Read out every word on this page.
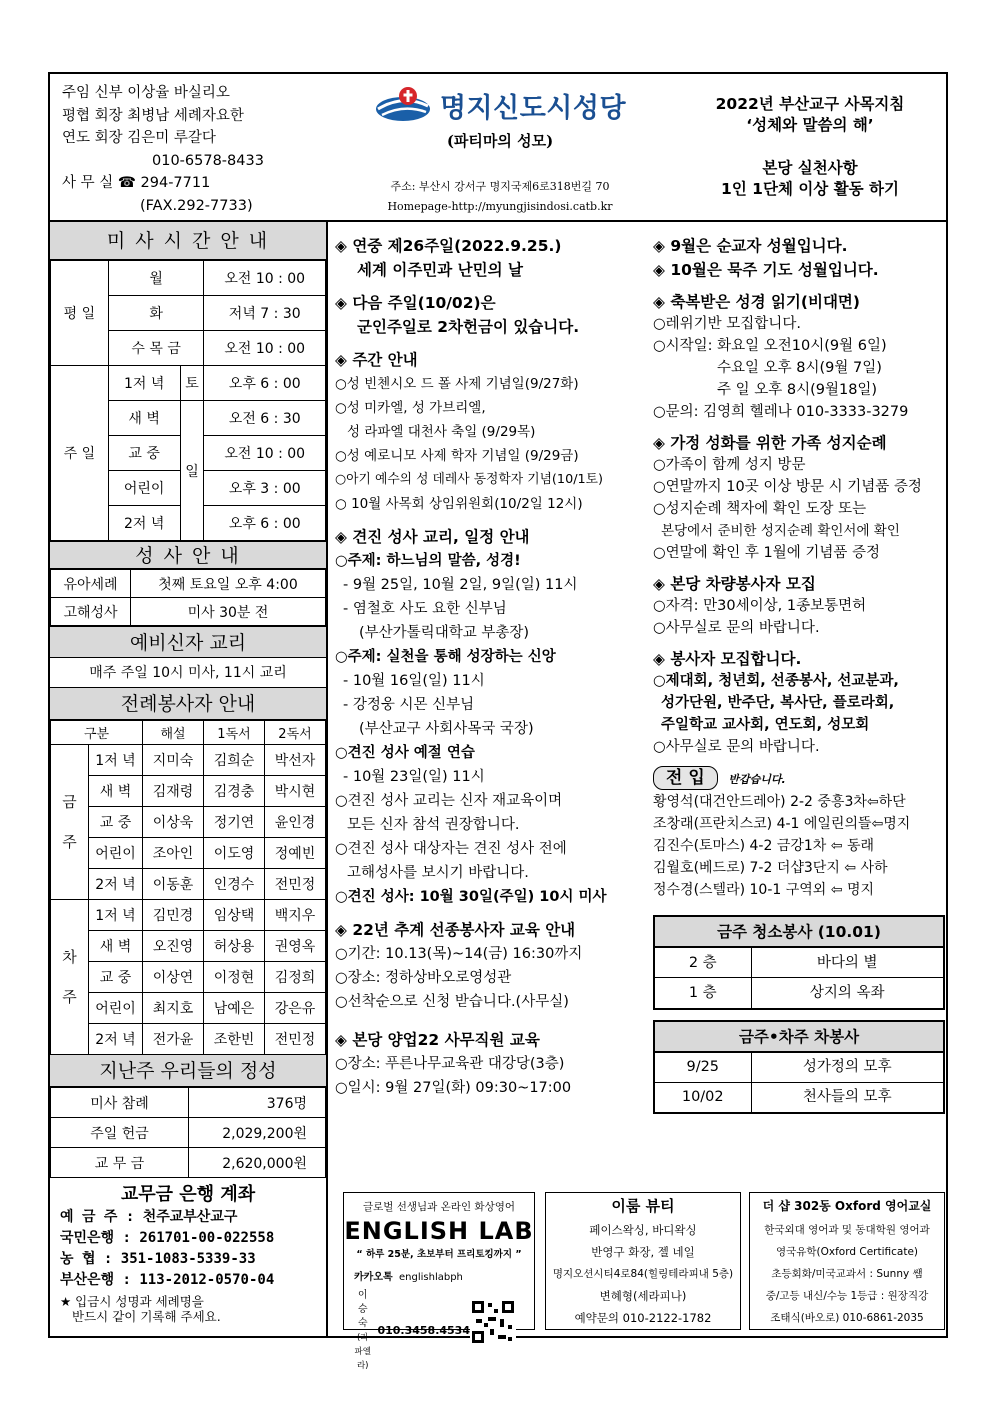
주임 신부 이상율 바실리오
평협 회장 최병남 세례자요한
연도 회장 김은미 루갈다
010-6578-8433
사 무 실 ☎ 294-7711
(FAX.292-7733)
명지신도시성당
(파티마의 성모)
주소: 부산시 강서구 명지국제6로318번길 70
Homepage-http://myungjisindosi.catb.kr
2022년 부산교구 사목지침
‘성체와 말씀의 해’
본당 실천사항
1인 1단체 이상 활동 하기
미 사 시 간 안 내
평 일	월		오전 10 : 00
	화		저녁 7 : 30
	수 목 금		오전 10 : 00
주 일	1저 녁	토	오후 6 : 00
	새 벽	일	오전 6 : 30
	교 중		오전 10 : 00
	어린이		오후 3 : 00
	2저 녁		오후 6 : 00
성 사 안 내
유아세례	첫째 토요일 오후 4:00
고해성사	미사 30분 전
예비신자 교리
매주 주일 10시 미사, 11시 교리
전례봉사자 안내
구분		해설	1독서	2독서

금
주	1저 녁	지미숙	김희순	박선자
	새 벽	김재령	김경충	박시현
	교 중	이상욱	정기연	윤인경
	어린이	조아인	이도영	정예빈
	2저 녁	이동훈	인경수	전민정

차
주	1저 녁	김민경	임상택	백지우
	새 벽	오진영	허상용	권영옥
	교 중	이상연	이정현	김정희
	어린이	최지호	남예은	강은유
	2저 녁	전가윤	조한빈	전민정
지난주 우리들의 정성
미사 참례	376명
주일 헌금	2,029,200원
교 무 금	2,620,000원
교무금 은행 계좌
예 금 주 : 천주교부산교구
국민은행 : 261701-00-022558
농 협 : 351-1083-5339-33
부산은행 : 113-2012-0570-04
★ 입금시 성명과 세례명을
반드시 같이 기록해 주세요.
◈ 연중 제26주일(2022.9.25.)
세계 이주민과 난민의 날
◈ 다음 주일(10/02)은
군인주일로 2차헌금이 있습니다.
◈ 주간 안내
○성 빈첸시오 드 폴 사제 기념일(9/27화)
○성 미카엘, 성 가브리엘,
성 라파엘 대천사 축일 (9/29목)
○성 예로니모 사제 학자 기념일 (9/29금)
○아기 예수의 성 데레사 동정학자 기념(10/1토)
○ 10월 사목회 상임위원회(10/2일 12시)
◈ 견진 성사 교리, 일정 안내
○주제: 하느님의 말씀, 성경!
- 9월 25일, 10월 2일, 9일(일) 11시
- 염철호 사도 요한 신부님
(부산가톨릭대학교 부총장)
○주제: 실천을 통해 성장하는 신앙
- 10월 16일(일) 11시
- 강정웅 시몬 신부님
(부산교구 사회사목국 국장)
○견진 성사 예절 연습
- 10월 23일(일) 11시
○견진 성사 교리는 신자 재교육이며
모든 신자 참석 권장합니다.
○견진 성사 대상자는 견진 성사 전에
고해성사를 보시기 바랍니다.
○견진 성사: 10월 30일(주일) 10시 미사
◈ 22년 추계 선종봉사자 교육 안내
○기간: 10.13(목)~14(금) 16:30까지
○장소: 정하상바오로영성관
○선착순으로 신청 받습니다.(사무실)
◈ 본당 양업22 사무직원 교육
○장소: 푸른나무교육관 대강당(3층)
○일시: 9월 27일(화) 09:30~17:00
◈ 9월은 순교자 성월입니다.
◈ 10월은 묵주 기도 성월입니다.
◈ 축복받은 성경 읽기(비대면)
○레위기반 모집합니다.
○시작일: 화요일 오전10시(9월 6일)
수요일 오후 8시(9월 7일)
주 일 오후 8시(9월18일)
○문의: 김영희 헬레나 010-3333-3279
◈ 가정 성화를 위한 가족 성지순례
○가족이 함께 성지 방문
○연말까지 10곳 이상 방문 시 기념품 증정
○성지순례 책자에 확인 도장 또는
본당에서 준비한 성지순례 확인서에 확인
○연말에 확인 후 1월에 기념품 증정
◈ 본당 차량봉사자 모집
○자격: 만30세이상, 1종보통면허
○사무실로 문의 바랍니다.
◈ 봉사자 모집합니다.
○제대회, 청년회, 선종봉사, 선교분과,
성가단원, 반주단, 복사단, 플로라회,
주일학교 교사회, 연도회, 성모회
○사무실로 문의 바랍니다.
전 입 반갑습니다.
황영석(대건안드레아) 2-2 중흥3차⇦하단
조창래(프란치스코) 4-1 에일린의뜰⇦명지
김진수(토마스) 4-2 금강1차 ⇦ 동래
김월호(베드로) 7-2 더샵3단지 ⇦ 사하
정수경(스텔라) 10-1 구역외 ⇦ 명지
금주 청소봉사 (10.01)
2 층	바다의 별
1 층	상지의 옥좌
금주•차주 차봉사
9/25	성가정의 모후
10/02	천사들의 모후
글로벌 선생님과 온라인 화상영어
ENGLISH LAB
“ 하루 25분, 초보부터 프리토킹까지 ”
카카오톡 englishlabph
이승숙
(라파엘라)
010.3458.4534
이룸 뷰티
페이스왁싱, 바디왁싱
반영구 화장, 젤 네일
명지오션시티4로84(힐링테라피내 5층)
변혜형(세라피나)
예약문의 010-2122-1782
더 샵 302동 Oxford 영어교실
한국외대 영어과 및 동대학원 영어과
영국유학(Oxford Certificate)
초등회화/미국교과서 : Sunny 쌤
중/고등 내신/수능 1등급 : 원장직강
조태식(바오로) 010-6861-2035
